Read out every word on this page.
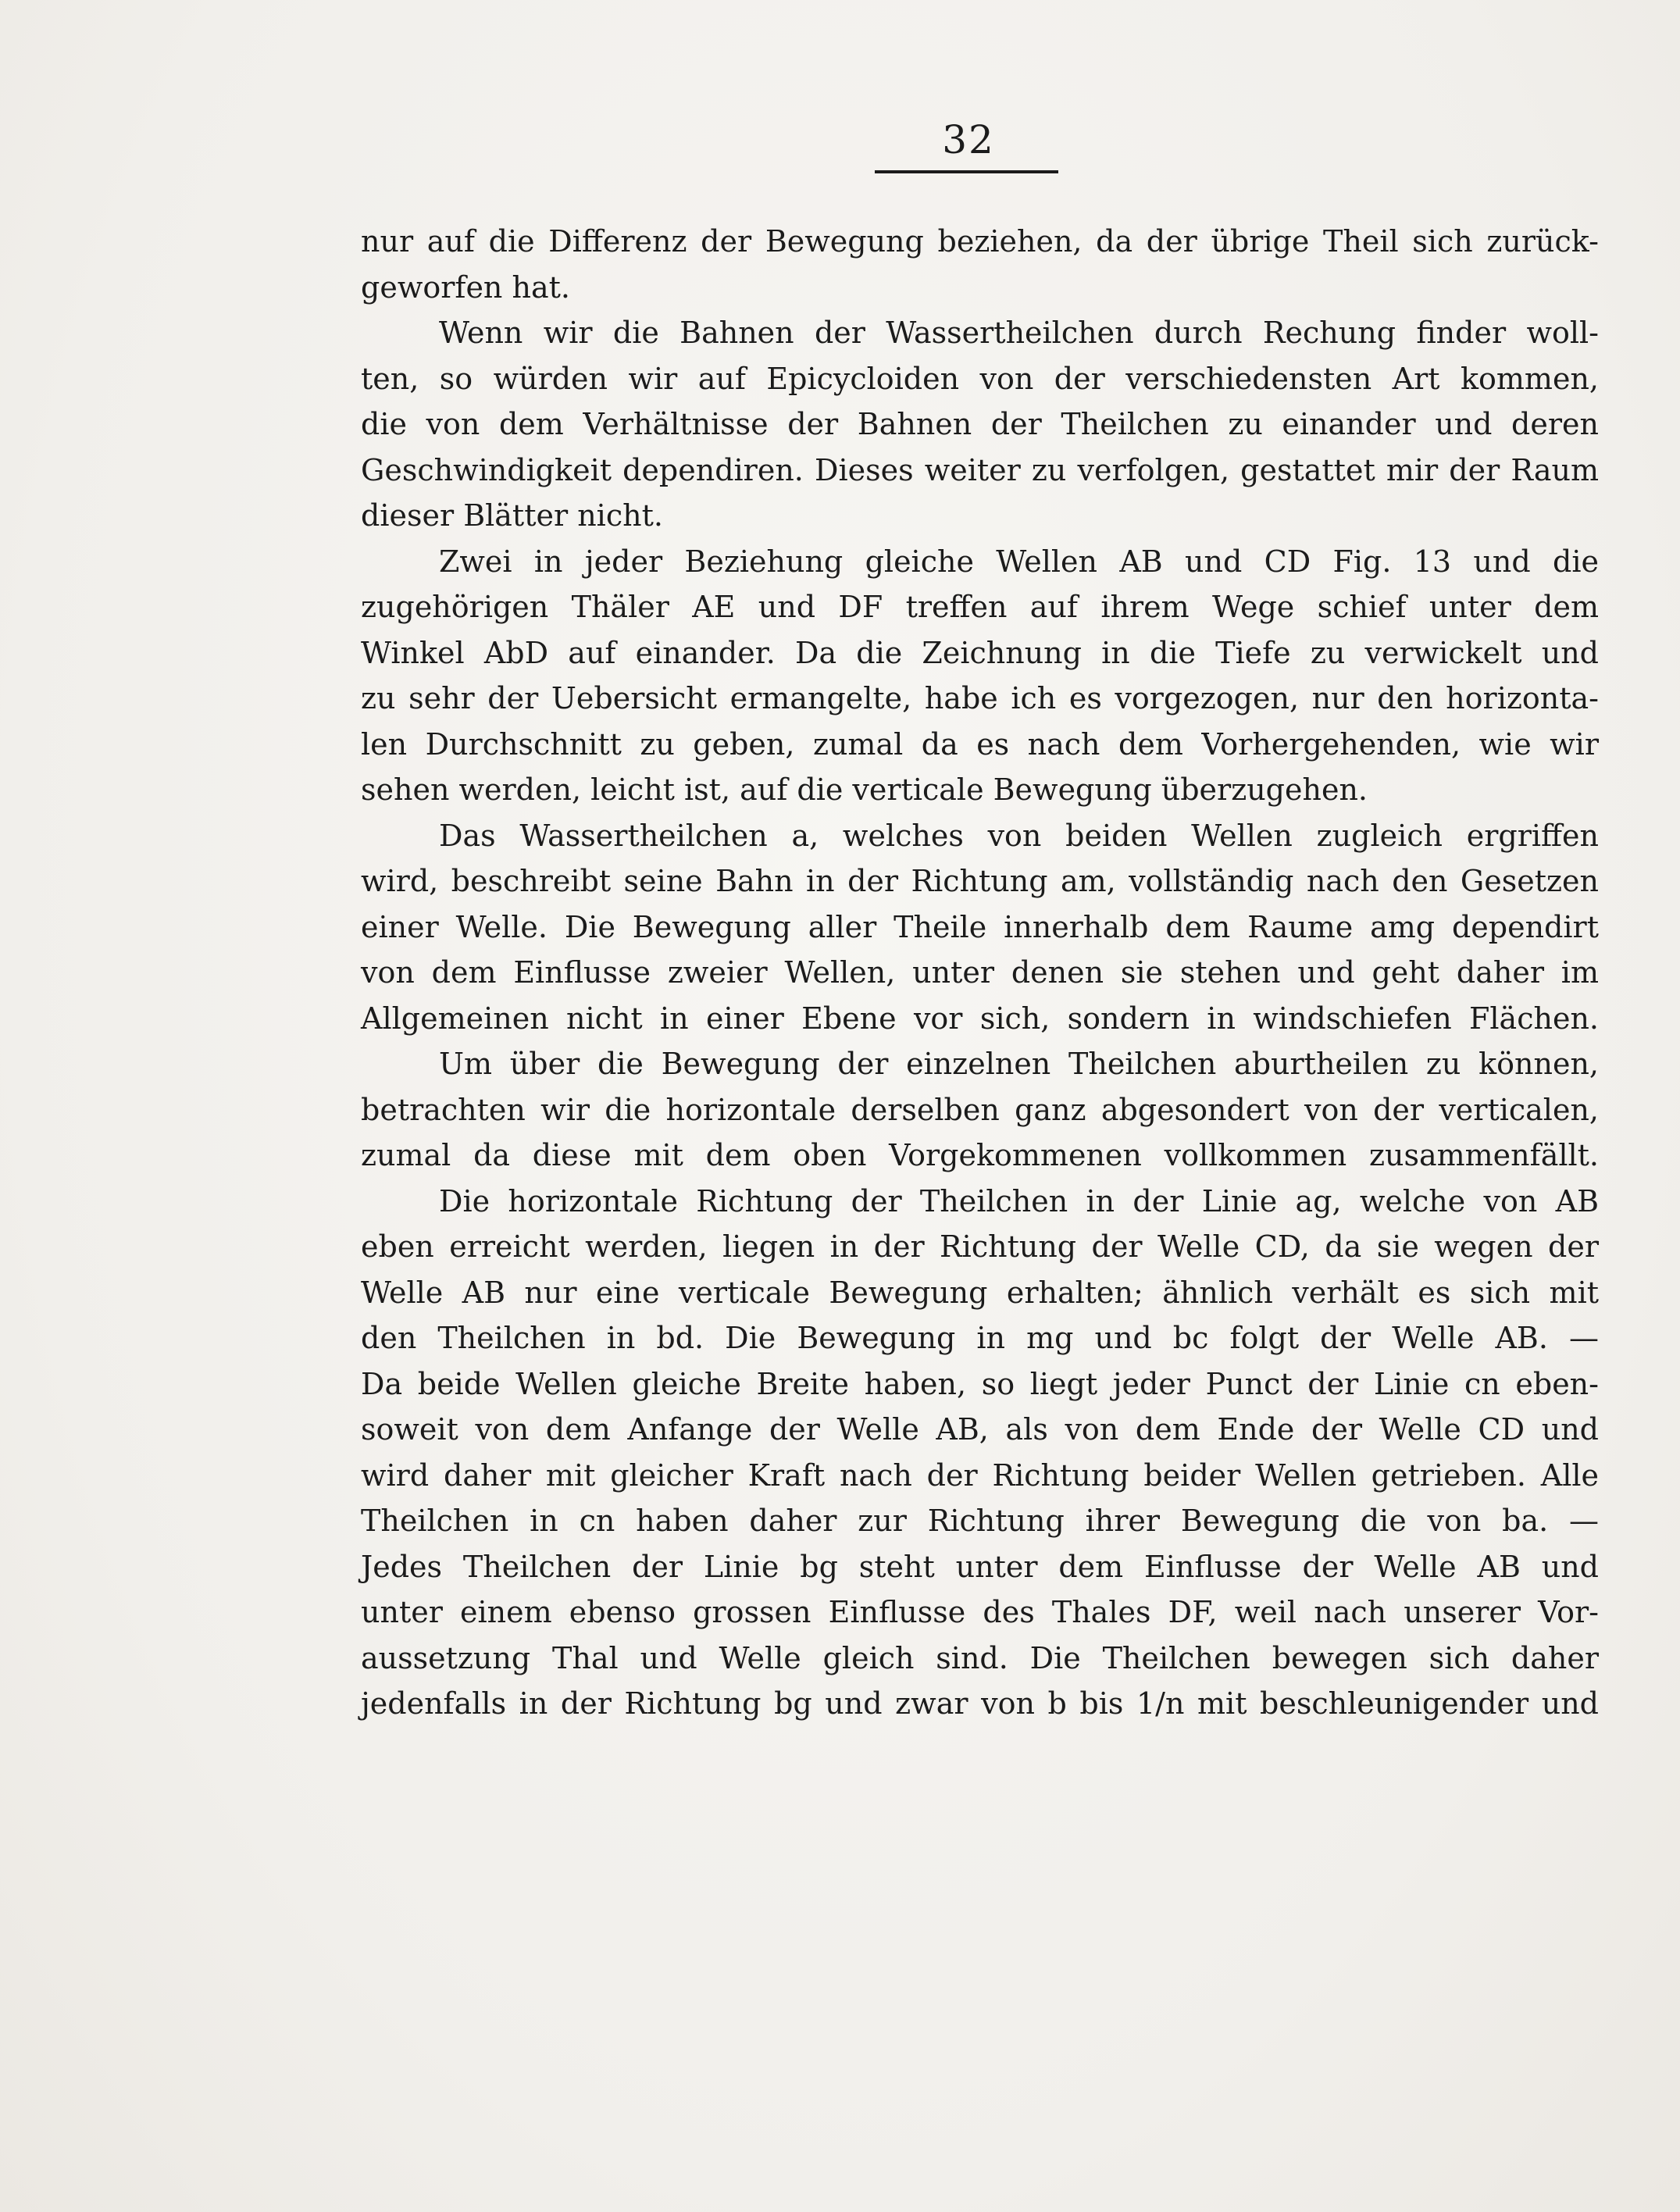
32
nur auf die Differenz der Bewegung beziehen, da der übrige Theil sich zurück-
geworfen hat.
Wenn wir die Bahnen der Wassertheilchen durch Rechung finder woll-
ten, so würden wir auf Epicycloiden von der verschiedensten Art kommen,
die von dem Verhältnisse der Bahnen der Theilchen zu einander und deren
Geschwindigkeit dependiren. Dieses weiter zu verfolgen, gestattet mir der Raum
dieser Blätter nicht.
Zwei in jeder Beziehung gleiche Wellen AB und CD Fig. 13 und die
zugehörigen Thäler AE und DF treffen auf ihrem Wege schief unter dem
Winkel AbD auf einander. Da die Zeichnung in die Tiefe zu verwickelt und
zu sehr der Uebersicht ermangelte, habe ich es vorgezogen, nur den horizonta-
len Durchschnitt zu geben, zumal da es nach dem Vorhergehenden, wie wir
sehen werden, leicht ist, auf die verticale Bewegung überzugehen.
Das Wassertheilchen a, welches von beiden Wellen zugleich ergriffen
wird, beschreibt seine Bahn in der Richtung am, vollständig nach den Gesetzen
einer Welle. Die Bewegung aller Theile innerhalb dem Raume amg dependirt
von dem Einflusse zweier Wellen, unter denen sie stehen und geht daher im
Allgemeinen nicht in einer Ebene vor sich, sondern in windschiefen Flächen.
Um über die Bewegung der einzelnen Theilchen aburtheilen zu können,
betrachten wir die horizontale derselben ganz abgesondert von der verticalen,
zumal da diese mit dem oben Vorgekommenen vollkommen zusammenfällt.
Die horizontale Richtung der Theilchen in der Linie ag, welche von AB
eben erreicht werden, liegen in der Richtung der Welle CD, da sie wegen der
Welle AB nur eine verticale Bewegung erhalten; ähnlich verhält es sich mit
den Theilchen in bd. Die Bewegung in mg und bc folgt der Welle AB. —
Da beide Wellen gleiche Breite haben, so liegt jeder Punct der Linie cn eben-
soweit von dem Anfange der Welle AB, als von dem Ende der Welle CD und
wird daher mit gleicher Kraft nach der Richtung beider Wellen getrieben. Alle
Theilchen in cn haben daher zur Richtung ihrer Bewegung die von ba. —
Jedes Theilchen der Linie bg steht unter dem Einflusse der Welle AB und
unter einem ebenso grossen Einflusse des Thales DF, weil nach unserer Vor-
aussetzung Thal und Welle gleich sind. Die Theilchen bewegen sich daher
jedenfalls in der Richtung bg und zwar von b bis 1/n mit beschleunigender und
